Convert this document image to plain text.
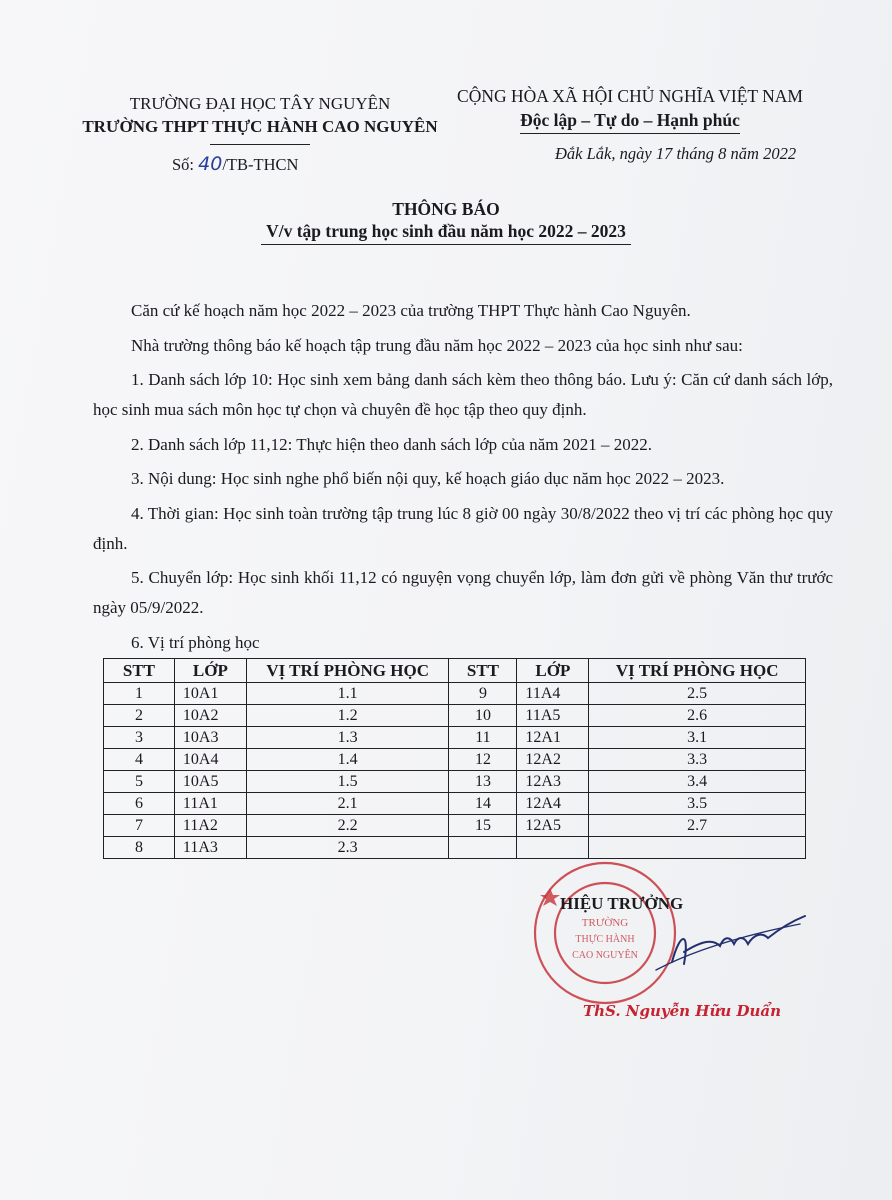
TRƯỜNG ĐẠI HỌC TÂY NGUYÊN
TRƯỜNG THPT THỰC HÀNH CAO NGUYÊN
CỘNG HÒA XÃ HỘI CHỦ NGHĨA VIỆT NAM
Độc lập – Tự do – Hạnh phúc
Số: 40/TB-THCN
Đắk Lắk, ngày 17 tháng 8 năm 2022
THÔNG BÁO
V/v tập trung học sinh đầu năm học 2022 – 2023

Căn cứ kế hoạch năm học 2022 – 2023 của trường THPT Thực hành Cao Nguyên.

Nhà trường thông báo kế hoạch tập trung đầu năm học 2022 – 2023 của học sinh như sau:

1. Danh sách lớp 10: Học sinh xem bảng danh sách kèm theo thông báo. Lưu ý: Căn cứ danh sách lớp, học sinh mua sách môn học tự chọn và chuyên đề học tập theo quy định.

2. Danh sách lớp 11,12: Thực hiện theo danh sách lớp của năm 2021 – 2022.

3. Nội dung: Học sinh nghe phổ biến nội quy, kế hoạch giáo dục năm học 2022 – 2023.

4. Thời gian: Học sinh toàn trường tập trung lúc 8 giờ 00 ngày 30/8/2022 theo vị trí các phòng học quy định.

5. Chuyển lớp: Học sinh khối 11,12 có nguyện vọng chuyển lớp, làm đơn gửi về phòng Văn thư trước ngày 05/9/2022.

6. Vị trí phòng học

STT	LỚP	VỊ TRÍ PHÒNG HỌC	STT	LỚP	VỊ TRÍ PHÒNG HỌC
1	10A1	1.1	9	11A4	2.5
2	10A2	1.2	10	11A5	2.6
3	10A3	1.3	11	12A1	3.1
4	10A4	1.4	12	12A2	3.3
5	10A5	1.5	13	12A3	3.4
6	11A1	2.1	14	12A4	3.5
7	11A2	2.2	15	12A5	2.7
8	11A3	2.3			
TRƯỜNG
THỰC HÀNH
CAO NGUYÊN
HIỆU TRƯỞNG
ThS. Nguyễn Hữu Duẩn
